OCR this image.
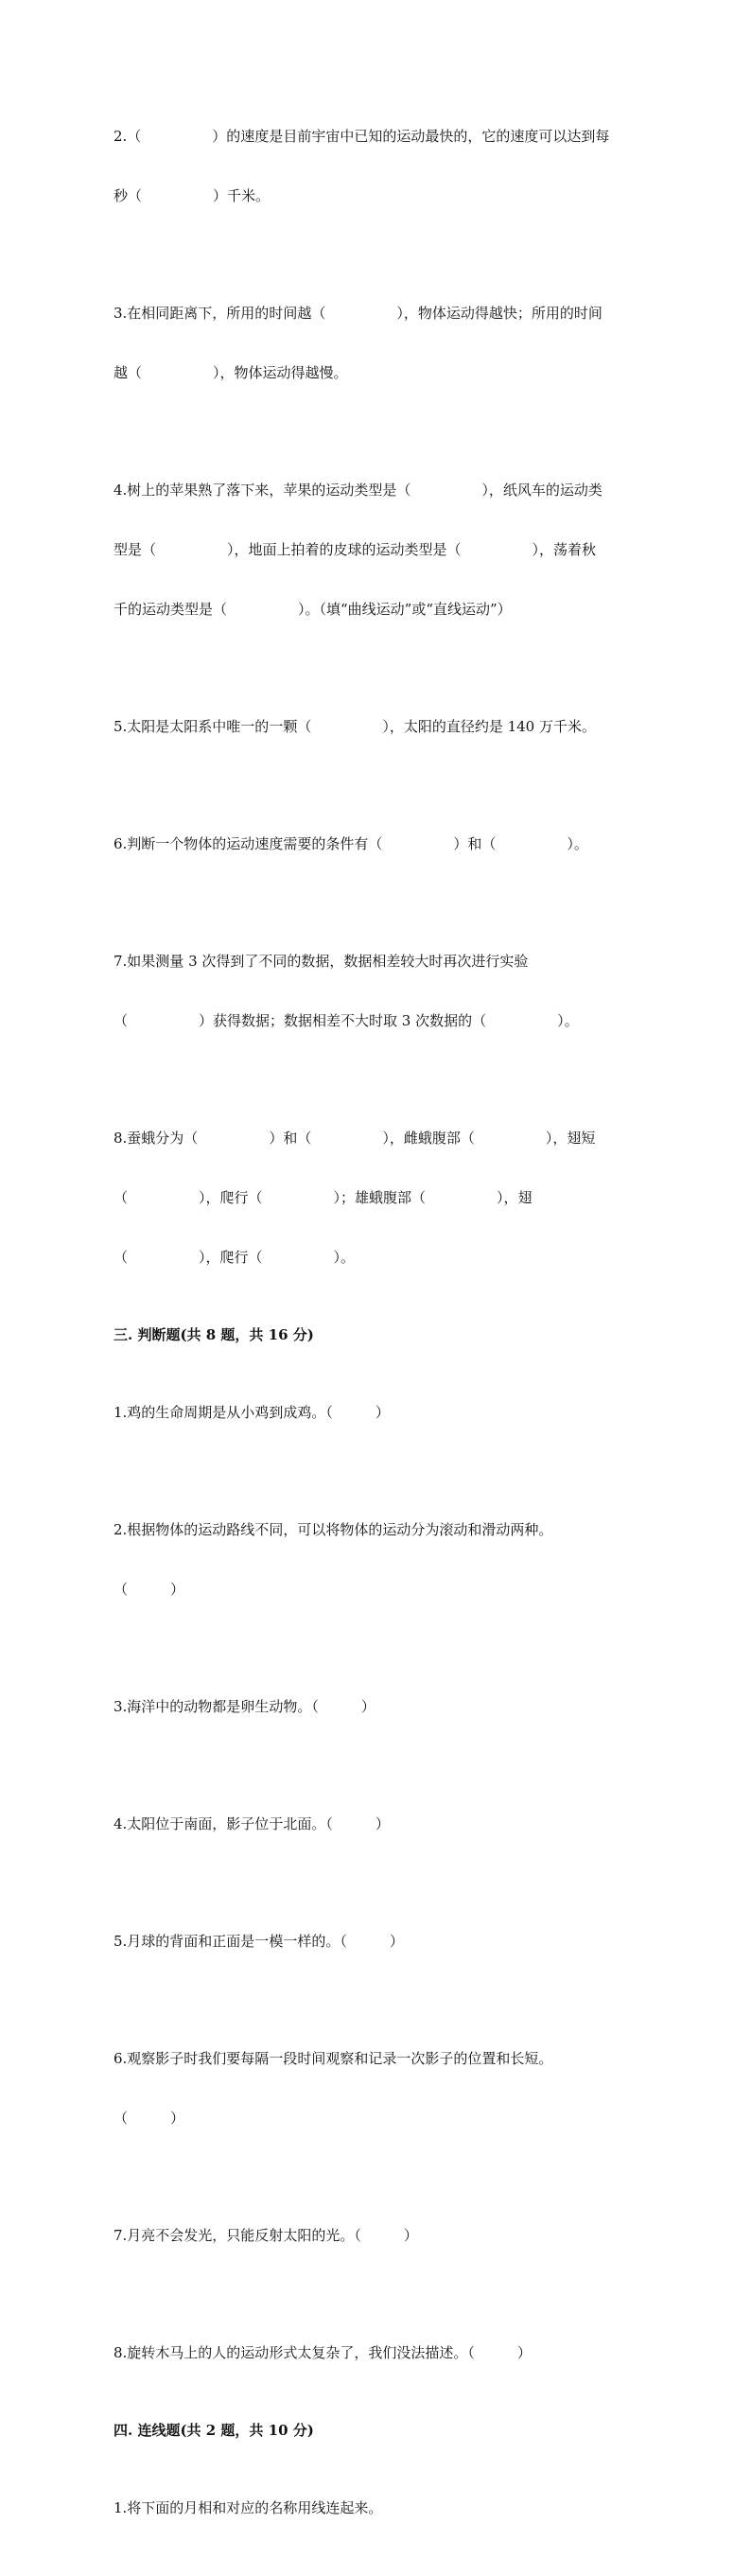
2.（　　　　　）的速度是目前宇宙中已知的运动最快的，它的速度可以达到每

秒（　　　　　）千米。

3.在相同距离下，所用的时间越（　　　　　），物体运动得越快；所用的时间

越（　　　　　），物体运动得越慢。

4.树上的苹果熟了落下来，苹果的运动类型是（　　　　　），纸风车的运动类

型是（　　　　　），地面上拍着的皮球的运动类型是（　　　　　），荡着秋

千的运动类型是（　　　　　）。（填“曲线运动”或“直线运动”）

5.太阳是太阳系中唯一的一颗（　　　　　），太阳的直径约是 140 万千米。

6.判断一个物体的运动速度需要的条件有（　　　　　）和（　　　　　）。

7.如果测量 3 次得到了不同的数据，数据相差较大时再次进行实验

（　　　　　）获得数据；数据相差不大时取 3 次数据的（　　　　　）。

8.蚕蛾分为（　　　　　）和（　　　　　），雌蛾腹部（　　　　　），翅短

（　　　　　），爬行（　　　　　）；雄蛾腹部（　　　　　），翅

（　　　　　），爬行（　　　　　）。

三. 判断题(共 8 题，共 16 分)

1.鸡的生命周期是从小鸡到成鸡。（　　　）

2.根据物体的运动路线不同，可以将物体的运动分为滚动和滑动两种。

（　　　）

3.海洋中的动物都是卵生动物。（　　　）

4.太阳位于南面，影子位于北面。（　　　）

5.月球的背面和正面是一模一样的。（　　　）

6.观察影子时我们要每隔一段时间观察和记录一次影子的位置和长短。

（　　　）

7.月亮不会发光，只能反射太阳的光。（　　　）

8.旋转木马上的人的运动形式太复杂了，我们没法描述。（　　　）

四. 连线题(共 2 题，共 10 分)

1.将下面的月相和对应的名称用线连起来。
